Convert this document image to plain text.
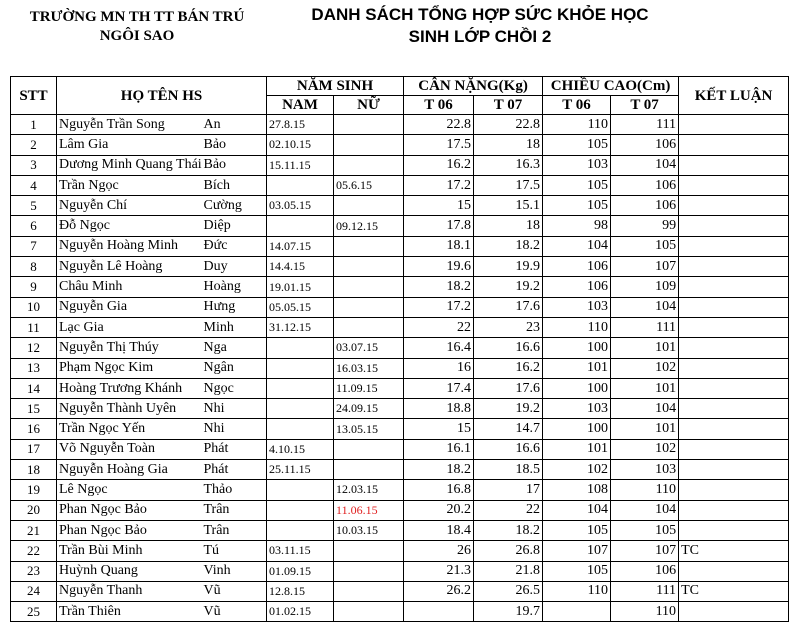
TRƯỜNG MN TH TT BÁN TRÚ
NGÔI SAO
DANH SÁCH TỔNG HỢP SỨC KHỎE HỌC
SINH LỚP CHỒI 2
STT	HỌ TÊN HS		NĂM SINH		CÂN NẶNG(Kg)		CHIỀU CAO(Cm)		KẾT LUẬN
			NAM	NỮ	T 06	T 07	T 06	T 07	
1	Nguyễn Trần Song	An	27.8.15		22.8	22.8	110	111	
2	Lâm Gia	Bảo	02.10.15		17.5	18	105	106	
3	Dương Minh Quang Thái	Bảo	15.11.15		16.2	16.3	103	104	
4	Trần Ngọc	Bích		05.6.15	17.2	17.5	105	106	
5	Nguyễn Chí	Cường	03.05.15		15	15.1	105	106	
6	Đỗ Ngọc	Diệp		09.12.15	17.8	18	98	99	
7	Nguyễn Hoàng Minh	Đức	14.07.15		18.1	18.2	104	105	
8	Nguyễn Lê Hoàng	Duy	14.4.15		19.6	19.9	106	107	
9	Châu Minh	Hoàng	19.01.15		18.2	19.2	106	109	
10	Nguyễn Gia	Hưng	05.05.15		17.2	17.6	103	104	
11	Lạc Gia	Minh	31.12.15		22	23	110	111	
12	Nguyễn Thị Thúy	Nga		03.07.15	16.4	16.6	100	101	
13	Phạm Ngọc Kim	Ngân		16.03.15	16	16.2	101	102	
14	Hoàng Trương Khánh	Ngọc		11.09.15	17.4	17.6	100	101	
15	Nguyễn Thành Uyên	Nhi		24.09.15	18.8	19.2	103	104	
16	Trần Ngọc Yến	Nhi		13.05.15	15	14.7	100	101	
17	Võ Nguyễn Toàn	Phát	4.10.15		16.1	16.6	101	102	
18	Nguyễn Hoàng Gia	Phát	25.11.15		18.2	18.5	102	103	
19	Lê Ngọc	Thảo		12.03.15	16.8	17	108	110	
20	Phan Ngọc Bảo	Trân		11.06.15	20.2	22	104	104	
21	Phan Ngọc Bảo	Trân		10.03.15	18.4	18.2	105	105	
22	Trần Bùi Minh	Tú	03.11.15		26	26.8	107	107	TC
23	Huỳnh Quang	Vinh	01.09.15		21.3	21.8	105	106	
24	Nguyễn Thanh	Vũ	12.8.15		26.2	26.5	110	111	TC
25	Trần Thiên	Vũ	01.02.15			19.7		110	
